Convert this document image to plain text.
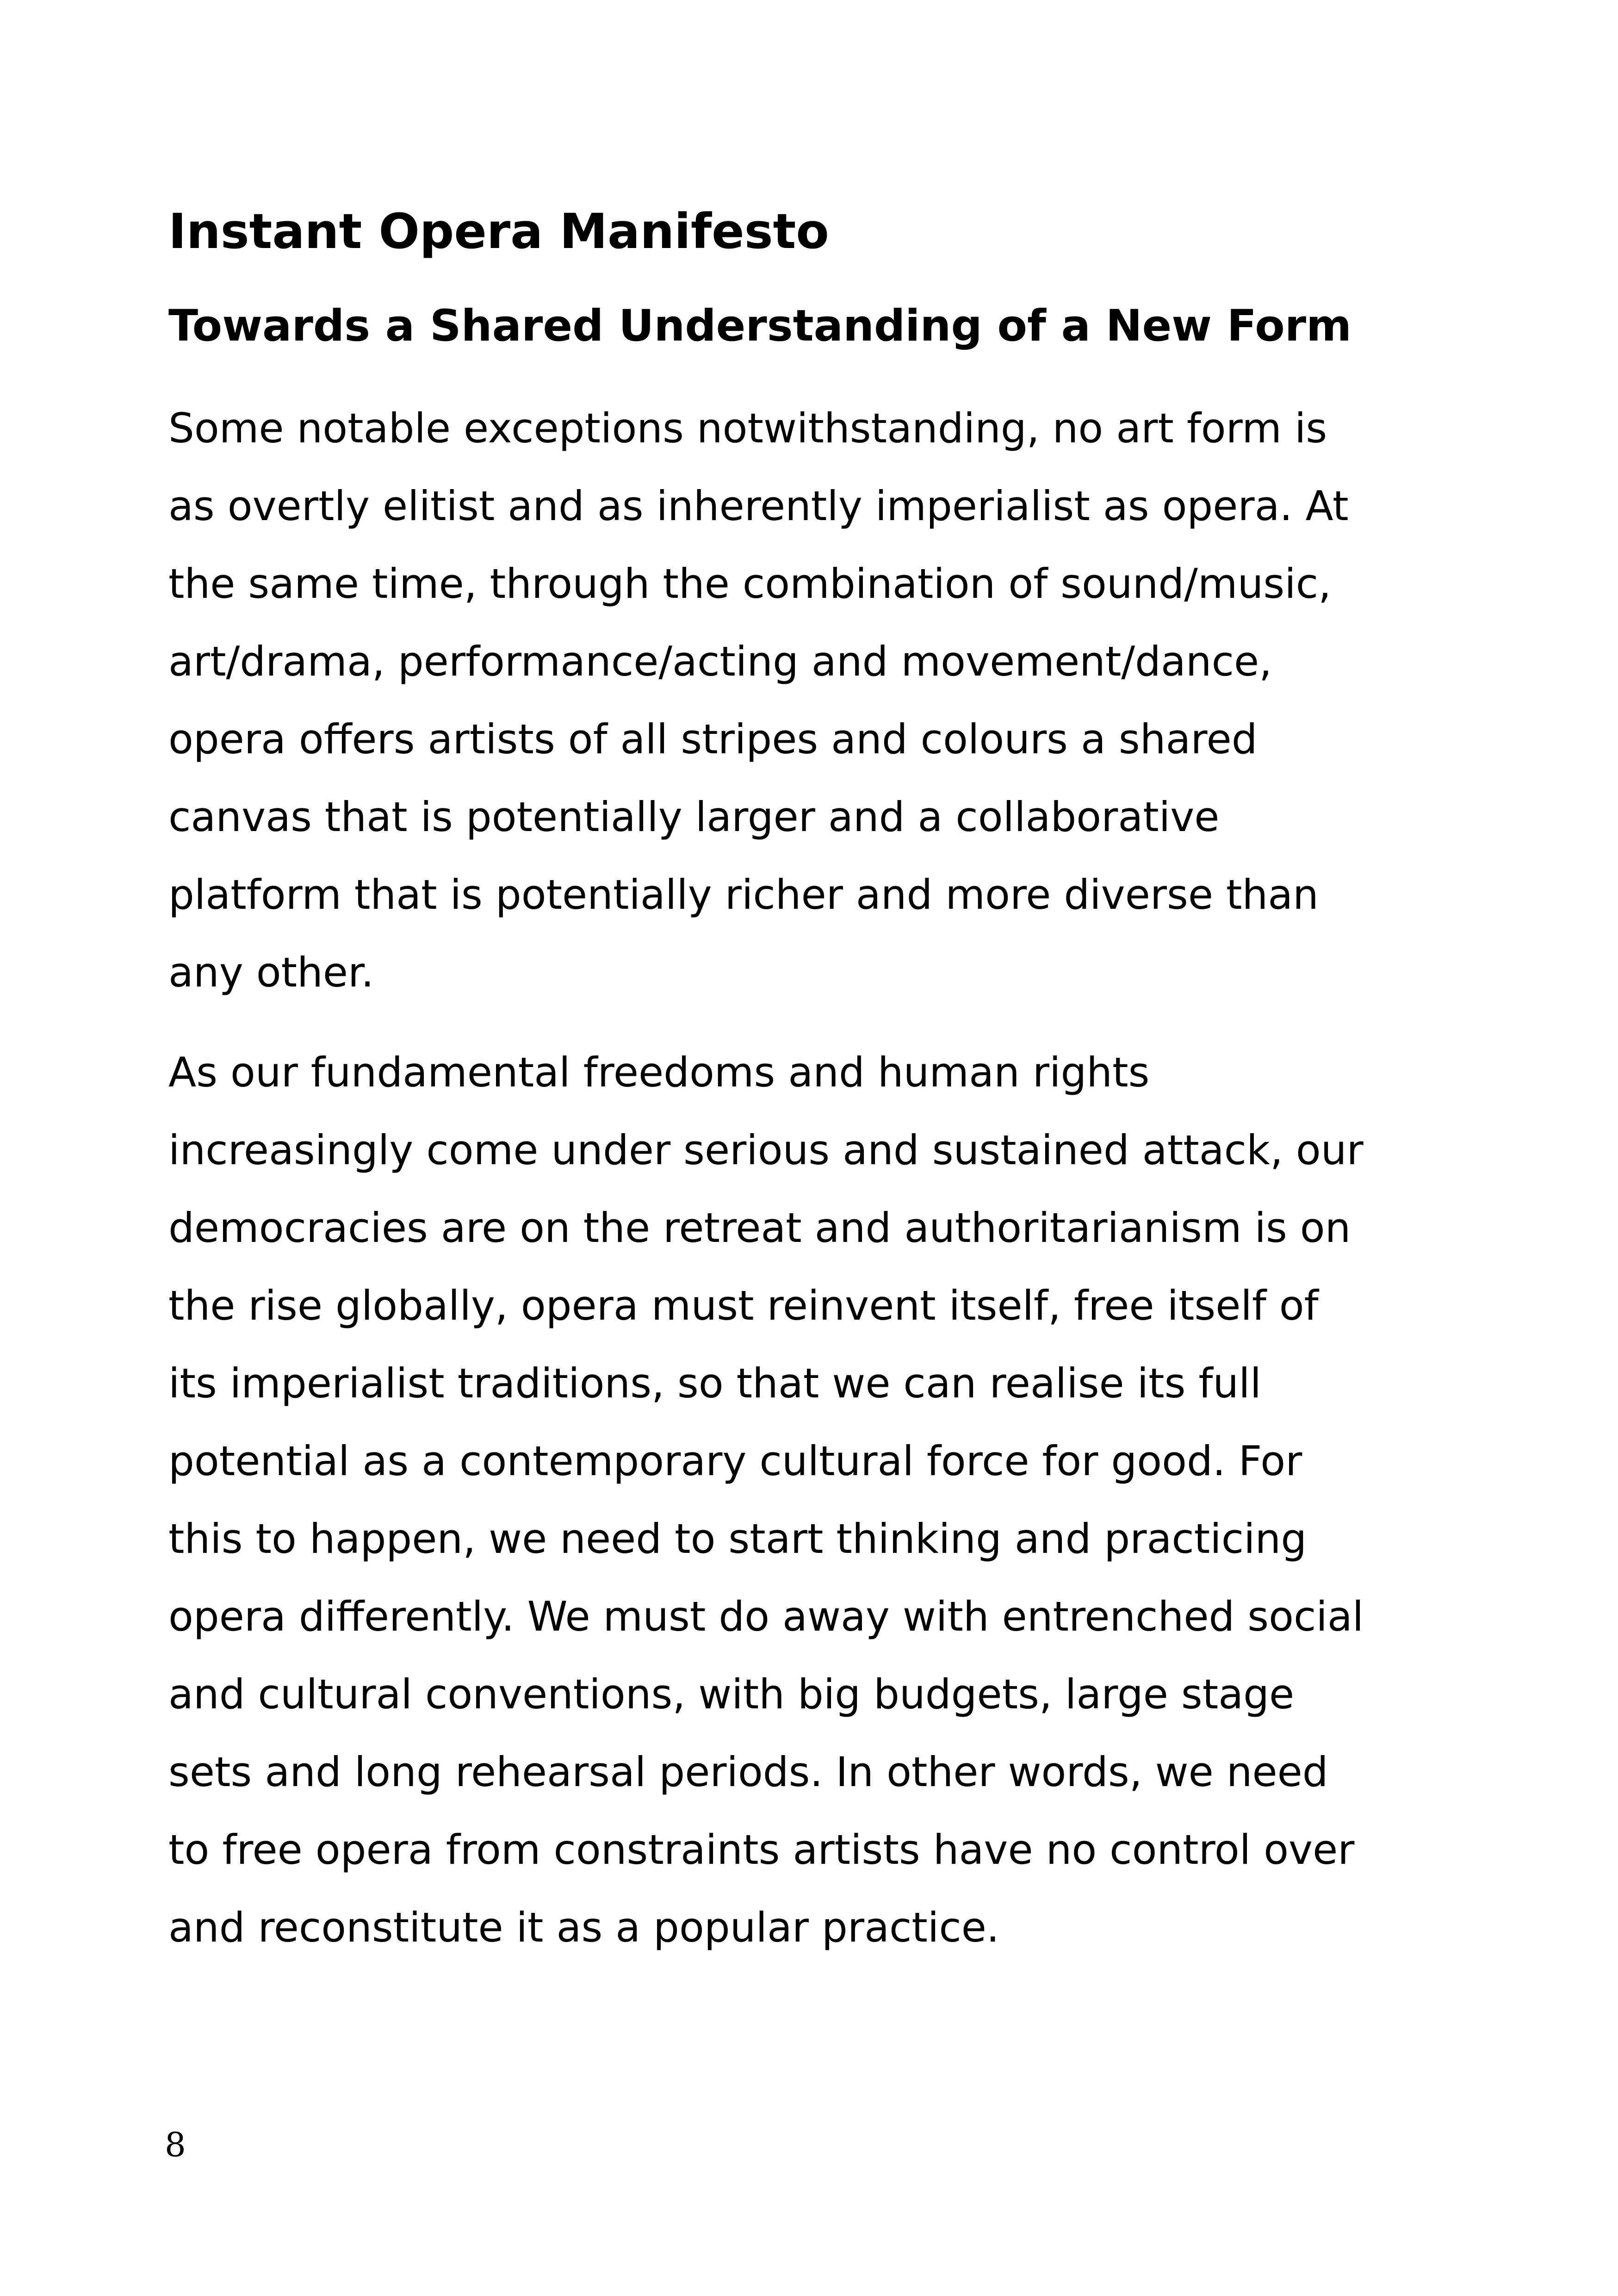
Instant Opera Manifesto
Towards a Shared Understanding of a New Form

Some notable exceptions notwithstanding, no art form is
as overtly elitist and as inherently imperialist as opera. At
the same time, through the combination of sound/music,
art/drama, performance/acting and movement/dance,
opera offers artists of all stripes and colours a shared
canvas that is potentially larger and a collaborative
platform that is potentially richer and more diverse than
any other.

As our fundamental freedoms and human rights
increasingly come under serious and sustained attack, our
democracies are on the retreat and authoritarianism is on
the rise globally, opera must reinvent itself, free itself of
its imperialist traditions, so that we can realise its full
potential as a contemporary cultural force for good. For
this to happen, we need to start thinking and practicing
opera differently. We must do away with entrenched social
and cultural conventions, with big budgets, large stage
sets and long rehearsal periods. In other words, we need
to free opera from constraints artists have no control over
and reconstitute it as a popular practice.

8
